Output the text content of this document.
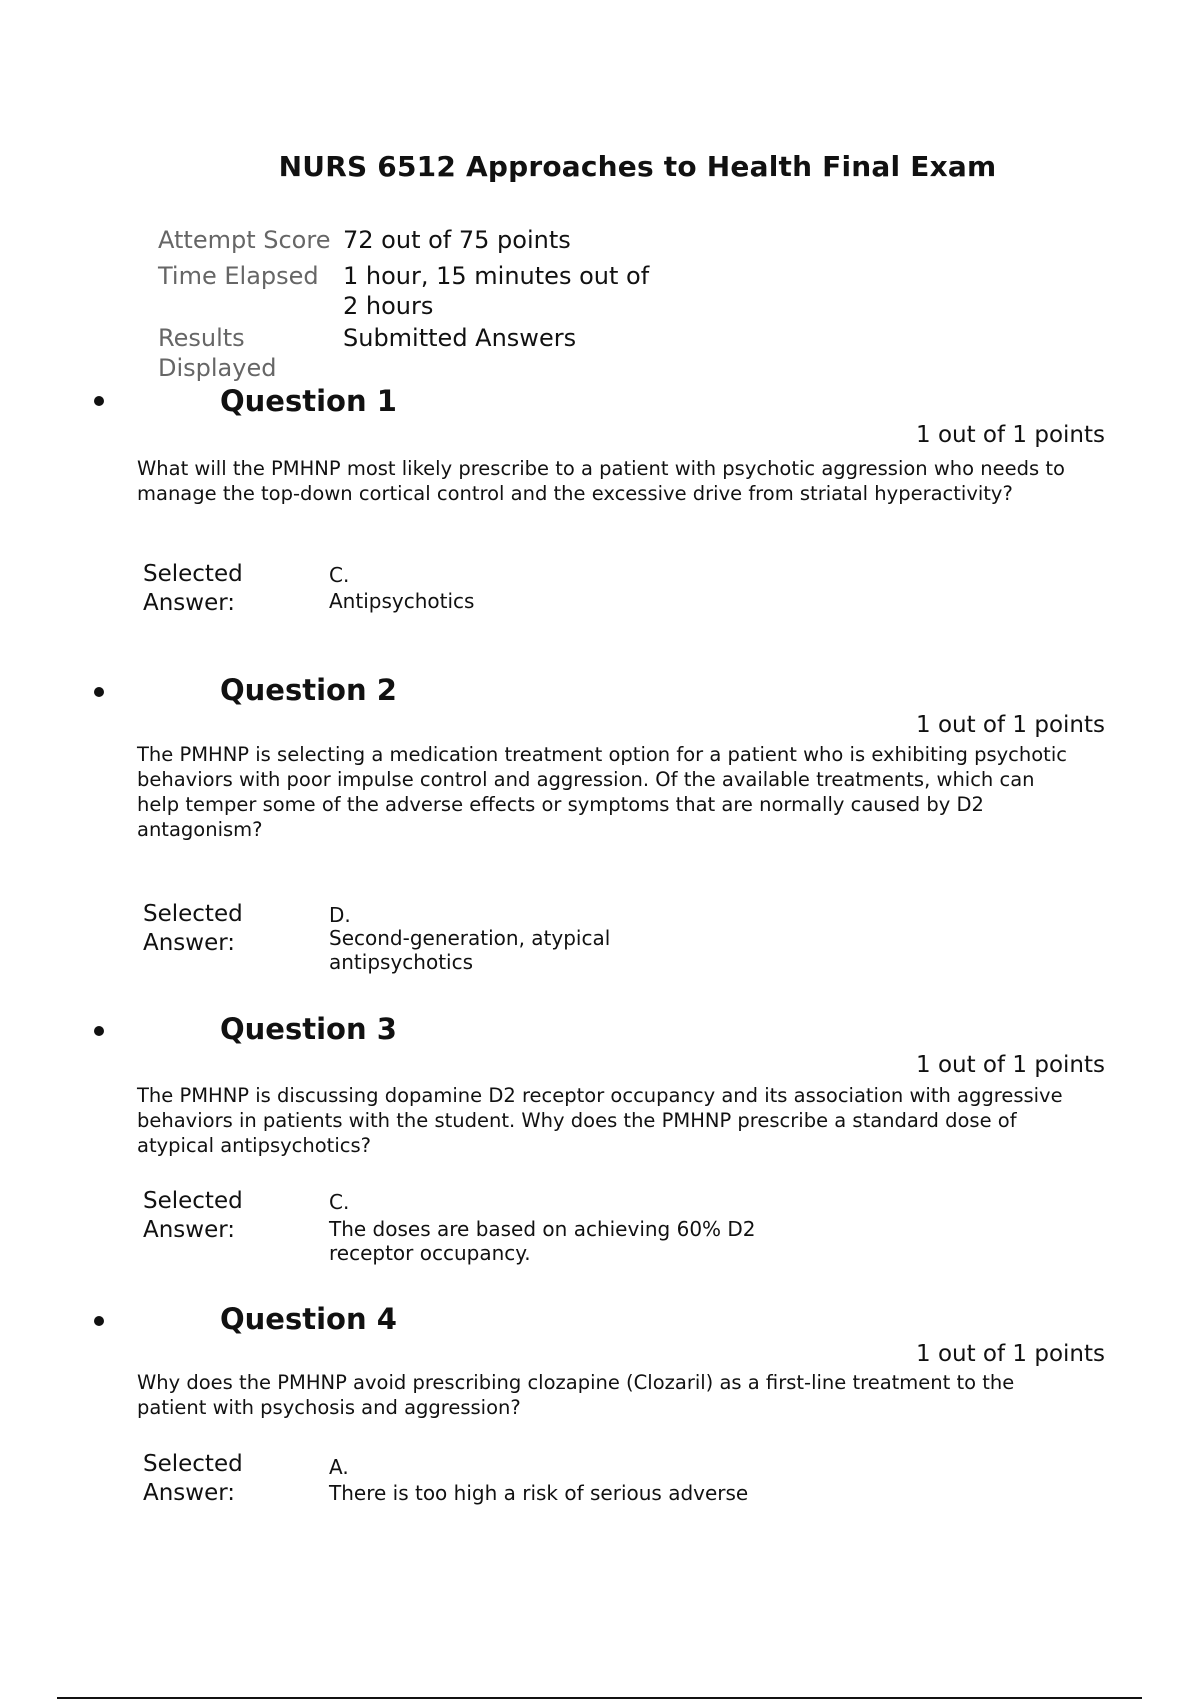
NURS 6512 Approaches to Health Final Exam
Attempt Score 72 out of 75 points
Time Elapsed	1 hour, 15 minutes out of 2 hours
Results Displayed
Submitted Answers
Question 1
1 out of 1 points
What will the PMHNP most likely prescribe to a patient with psychotic aggression who needs to manage the top-down cortical control and the excessive drive from striatal hyperactivity?
Selected Answer:
C.
Antipsychotics
Question 2
1 out of 1 points
The PMHNP is selecting a medication treatment option for a patient who is exhibiting psychotic behaviors with poor impulse control and aggression. Of the available treatments, which can help temper some of the adverse effects or symptoms that are normally caused by D2 antagonism?
Selected Answer:
D.
Second-generation, atypical antipsychotics
Question 3
1 out of 1 points
The PMHNP is discussing dopamine D2 receptor occupancy and its association with aggressive behaviors in patients with the student. Why does the PMHNP prescribe a standard dose of atypical antipsychotics?
Selected Answer:
C.
The doses are based on achieving 60% D2 receptor occupancy.
Question 4
1 out of 1 points
Why does the PMHNP avoid prescribing clozapine (Clozaril) as a first-line treatment to the patient with psychosis and aggression?
Selected Answer:
A.
There is too high a risk of serious adverse
